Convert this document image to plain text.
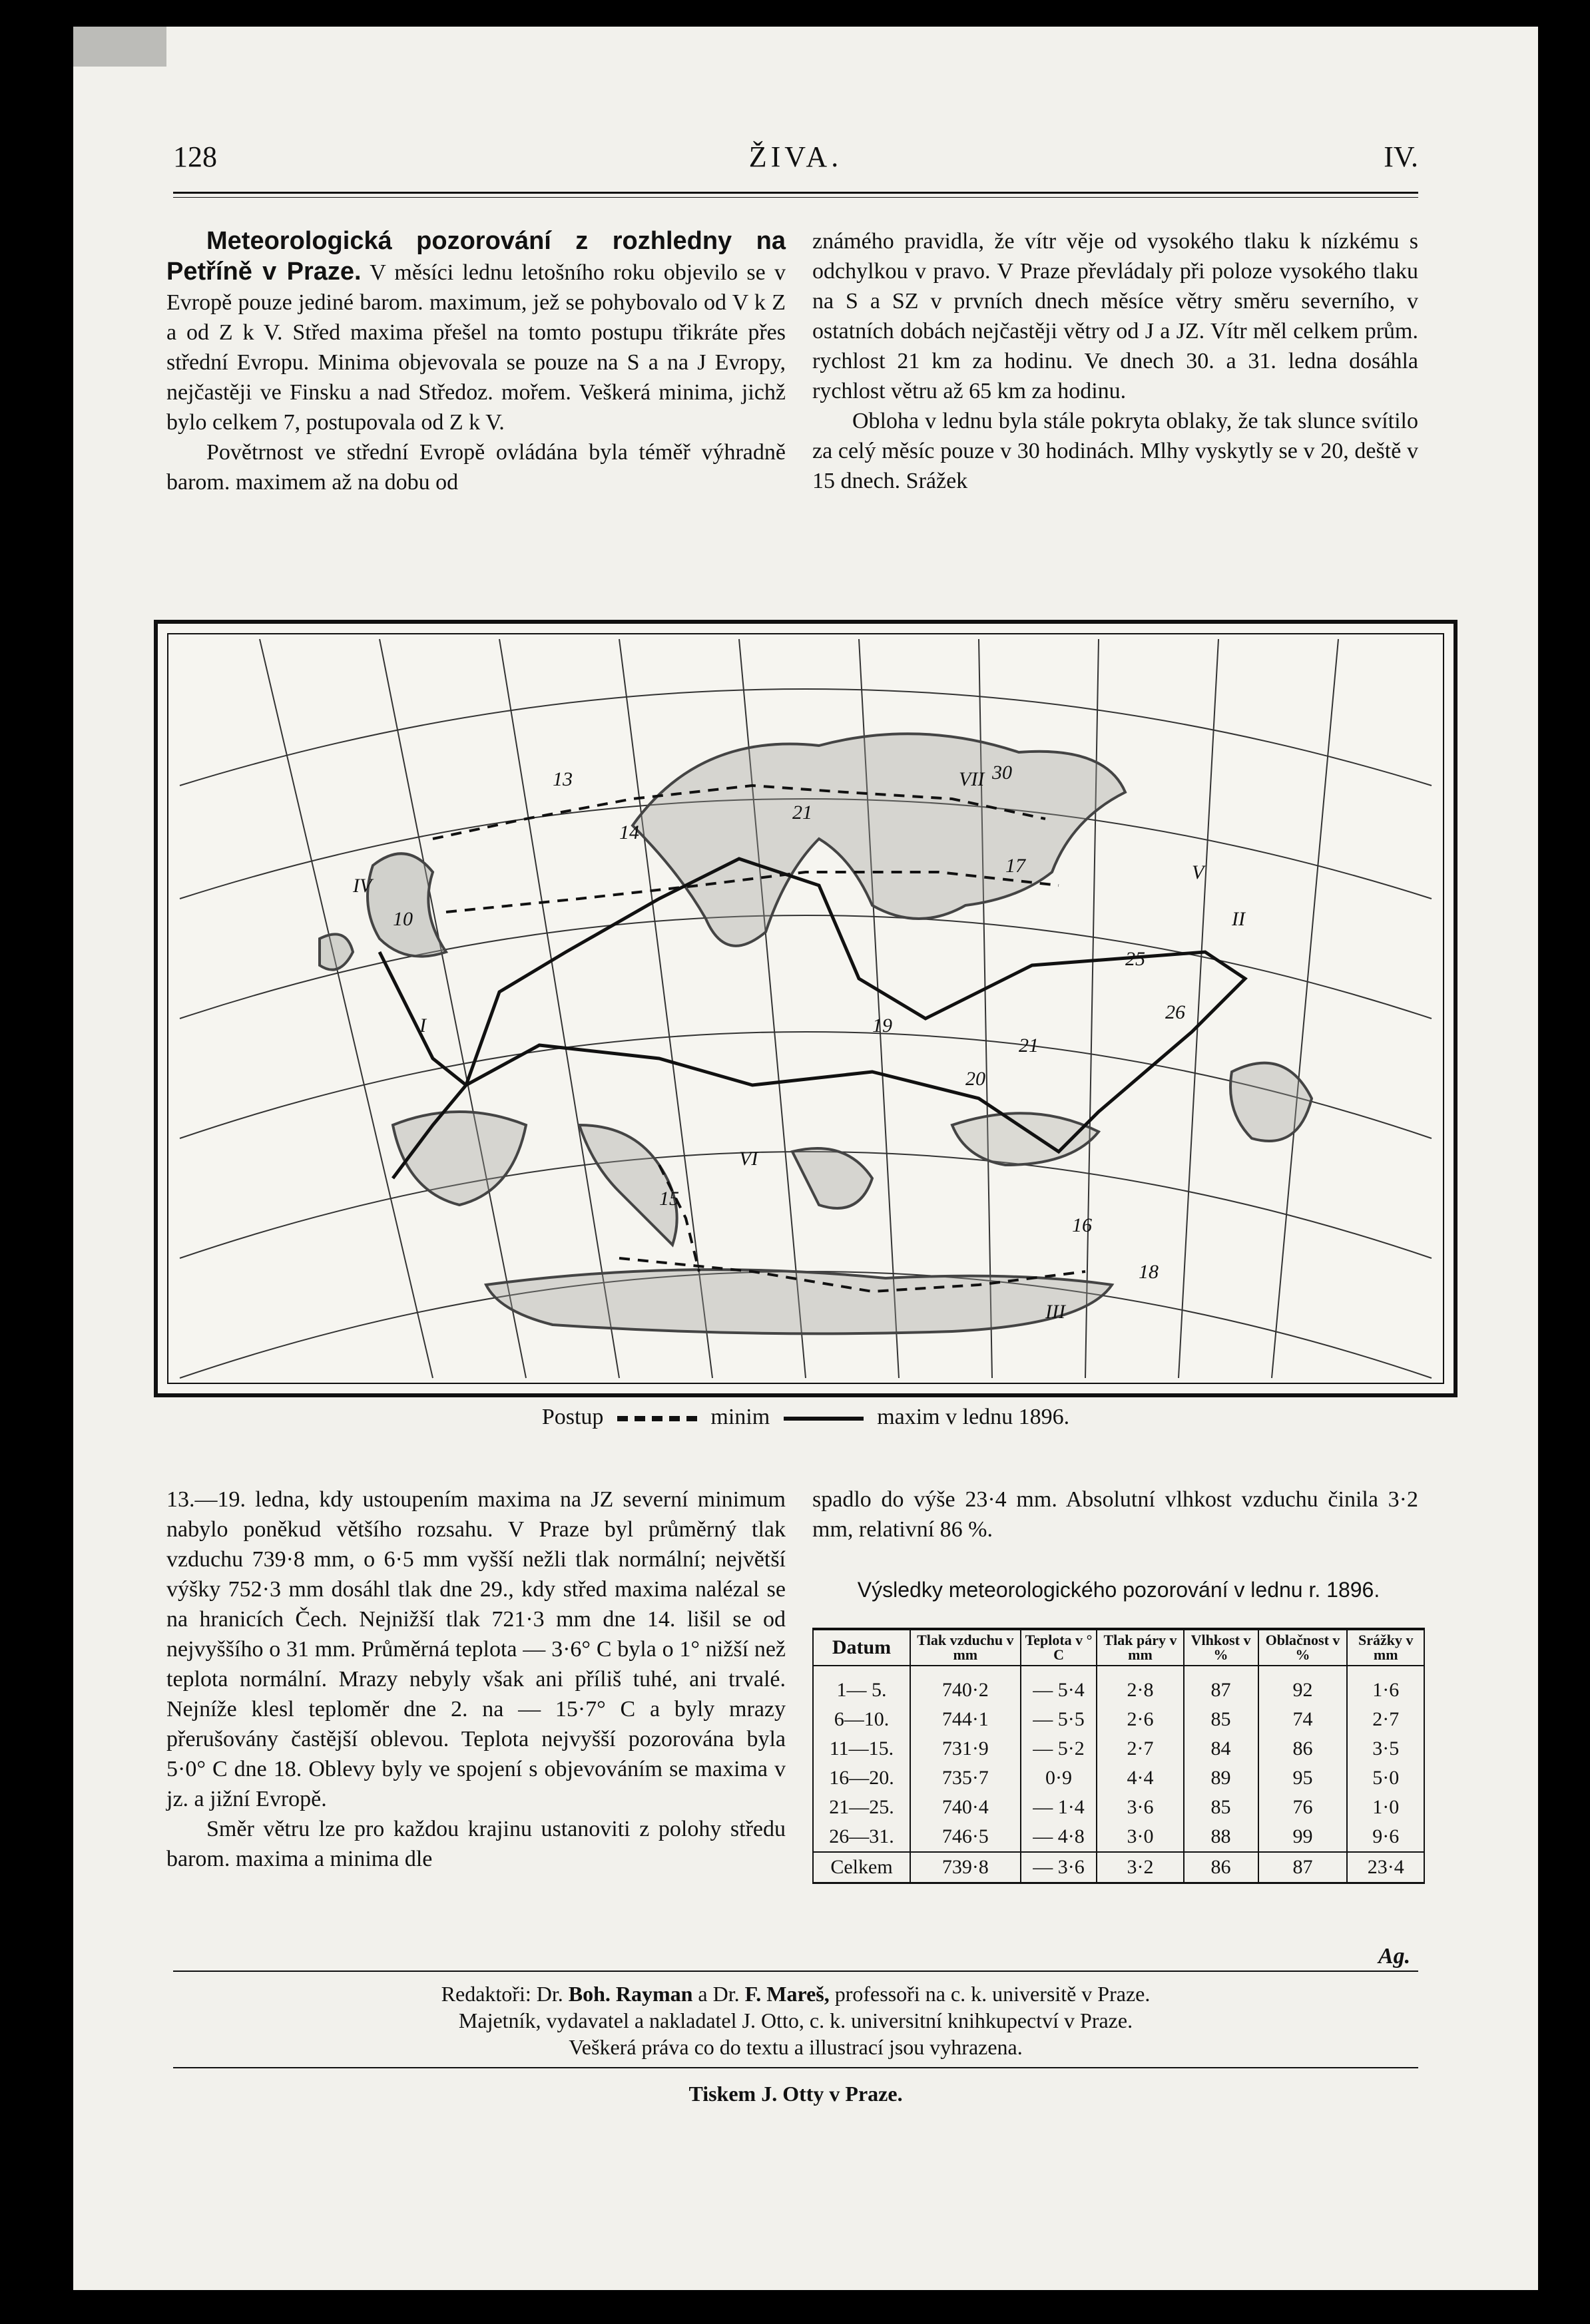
128	ŽIVA.	IV.

Meteorologická pozorování z rozhledny na Petříně v Praze. V měsíci lednu letošního roku objevilo se v Evropě pouze jediné barom. maximum, jež se pohybovalo od V k Z a od Z k V. Střed maxima přešel na tomto postupu třikráte přes střední Evropu. Minima objevovala se pouze na S a na J Evropy, nejčastěji ve Finsku a nad Středoz. mořem. Veškerá minima, jichž bylo celkem 7, postupovala od Z k V.

Povětrnost ve střední Evropě ovládána byla téměř výhradně barom. maximem až na dobu od

známého pravidla, že vítr věje od vysokého tlaku k nízkému s odchylkou v pravo. V Praze převládaly při poloze vysokého tlaku na S a SZ v prvních dnech měsíce větry směru severního, v ostatních dobách nejčastěji větry od J a JZ. Vítr měl celkem prům. rychlost 21 km za hodinu. Ve dnech 30. a 31. ledna dosáhla rychlost větru až 65 km za hodinu.

Obloha v lednu byla stále pokryta oblaky, že tak slunce svítilo za celý měsíc pouze v 30 hodinách. Mlhy vyskytly se v 20, deště v 15 dnech. Srážek

IV
I
II
V
III
VII
VI
13
14
25
26
19
20
21
16
18
30
10
15
21
17
Postup	minim	maxim v lednu 1896.

13.—19. ledna, kdy ustoupením maxima na JZ severní minimum nabylo poněkud většího rozsahu. V Praze byl průměrný tlak vzduchu 739·8 mm, o 6·5 mm vyšší nežli tlak normální; největší výšky 752·3 mm dosáhl tlak dne 29., kdy střed maxima nalézal se na hranicích Čech. Nejnižší tlak 721·3 mm dne 14. lišil se od nejvyššího o 31 mm. Průměrná teplota — 3·6° C byla o 1° nižší než teplota normální. Mrazy nebyly však ani příliš tuhé, ani trvalé. Nejníže klesl teploměr dne 2. na — 15·7° C a byly mrazy přerušovány častější oblevou. Teplota nejvyšší pozorována byla 5·0° C dne 18. Oblevy byly ve spojení s objevováním se maxima v jz. a jižní Evropě.

Směr větru lze pro každou krajinu ustanoviti z polohy středu barom. maxima a minima dle

spadlo do výše 23·4 mm. Absolutní vlhkost vzduchu činila 3·2 mm, relativní 86 %.

Výsledky meteorologického pozorování v lednu r. 1896.
Datum	Tlak vzduchu v mm	Teplota v ° C	Tlak páry v mm	Vlhkost v %	Oblačnost v %	Srážky v mm
1— 5.	740·2	— 5·4	2·8	87	92	1·6
6—10.	744·1	— 5·5	2·6	85	74	2·7
11—15.	731·9	— 5·2	2·7	84	86	3·5
16—20.	735·7	0·9	4·4	89	95	5·0
21—25.	740·4	— 1·4	3·6	85	76	1·0
26—31.	746·5	— 4·8	3·0	88	99	9·6
Celkem	739·8	— 3·6	3·2	86	87	23·4
Ag.
Redaktoři: Dr. Boh. Rayman a Dr. F. Mareš, professoři na c. k. universitě v Praze.
Majetník, vydavatel a nakladatel J. Otto, c. k. universitní knihkupectví v Praze.
Veškerá práva co do textu a illustrací jsou vyhrazena.
Tiskem J. Otty v Praze.
